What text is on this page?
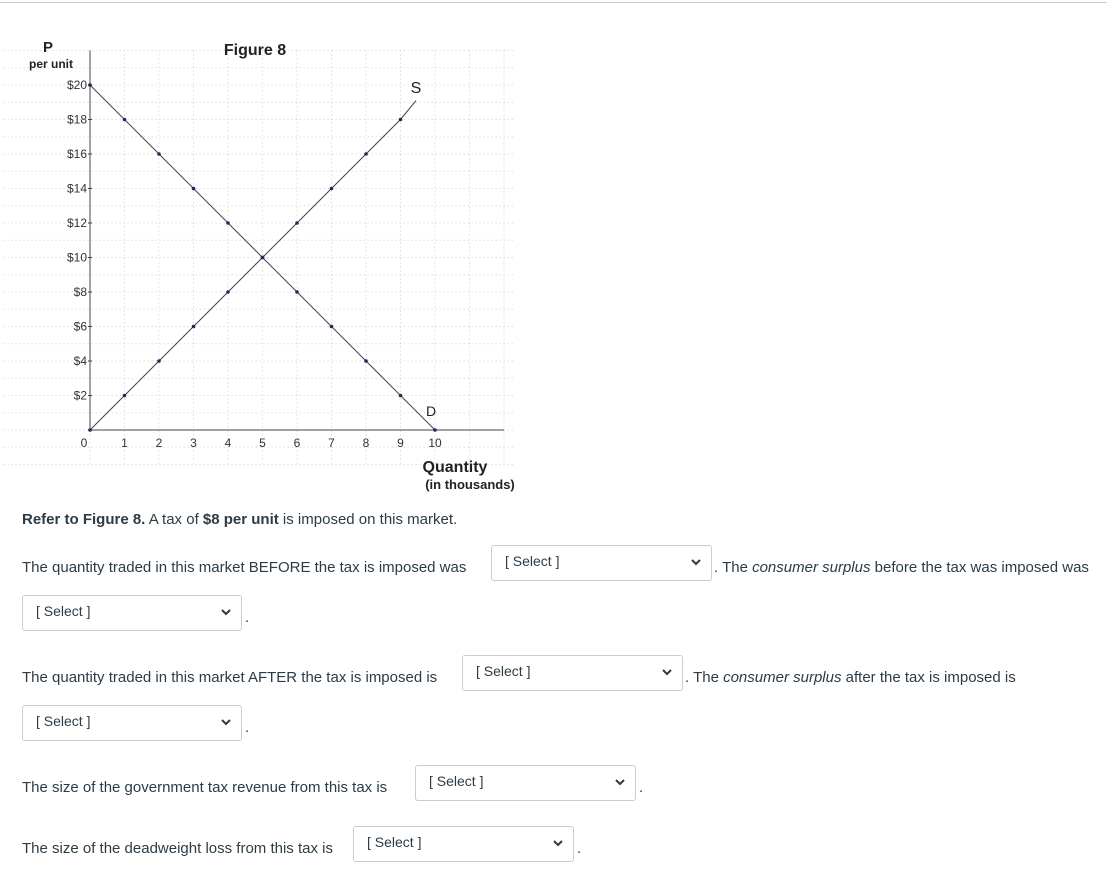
0	1 2 3 4 5 6 7 8 9 10
$2
$4
$6
$8
$10
$12
$14
$16
$18
$20
P
per unit
Figure 8
Quantity
(in thousands)
S
D
Refer to Figure 8. A tax of $8 per unit is imposed on this market.
The quantity traded in this market BEFORE the tax is imposed was	[ Select ]	. The consumer surplus before the tax was imposed was
[ Select ]	.
The quantity traded in this market AFTER the tax is imposed is	[ Select ]	. The consumer surplus after the tax is imposed is
[ Select ]	.
The size of the government tax revenue from this tax is	[ Select ]	.
The size of the deadweight loss from this tax is [ Select ]	.
